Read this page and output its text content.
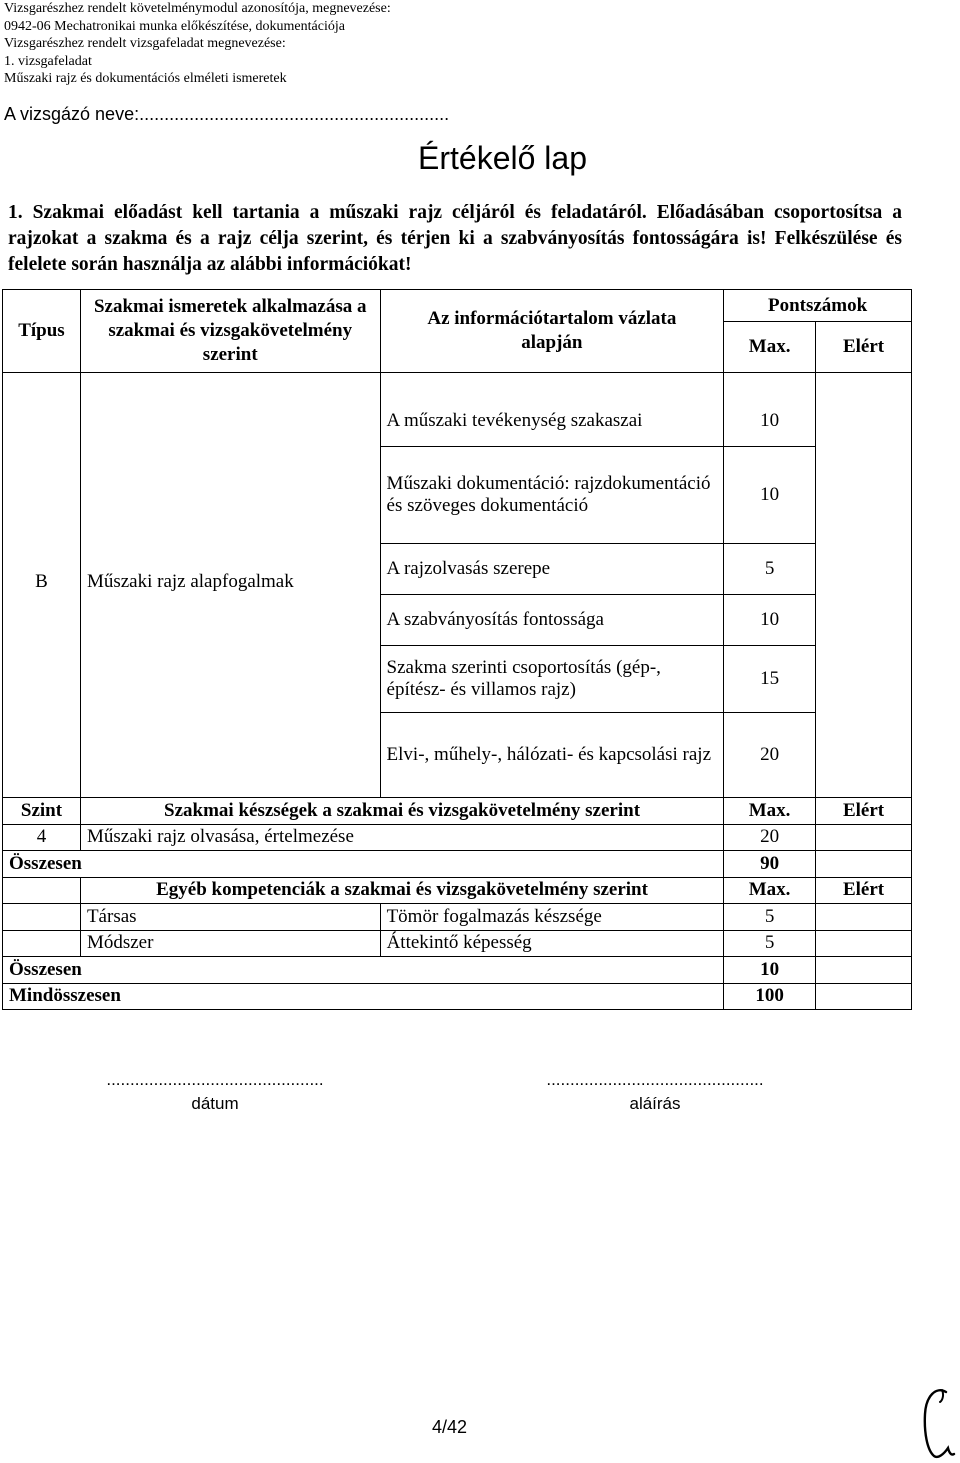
Vizsgarészhez rendelt követelménymodul azonosítója, megnevezése:
0942-06 Mechatronikai munka előkészítése, dokumentációja
Vizsgarészhez rendelt vizsgafeladat megnevezése:
1. vizsgafeladat
Műszaki rajz és dokumentációs elméleti ismeretek
A vizsgázó neve:..............................................................
Értékelő lap
1. Szakmai előadást kell tartania a műszaki rajz céljáról és feladatáról. Előadásában csoportosítsa a rajzokat a szakma és a rajz célja szerint, és térjen ki a szabványosítás fontosságára is! Felkészülése és felelete során használja az alábbi információkat!
Típus	Szakmai ismeretek alkalmazása a szakmai és vizsgakövetelmény szerint	Az információtartalom vázlata alapján	Pontszámok	
			Max.	Elért
B	Műszaki rajz alapfogalmak	A műszaki tevékenység szakaszai	10	
		Műszaki dokumentáció: rajzdokumentáció és szöveges dokumentáció	10	
		A rajzolvasás szerepe	5	
		A szabványosítás fontossága	10	
		Szakma szerinti csoportosítás (gép-, építész- és villamos rajz)	15	
		Elvi-, műhely-, hálózati- és kapcsolási rajz	20	
Szint	Szakmai készségek a szakmai és vizsgakövetelmény szerint		Max.	Elért
4	Műszaki rajz olvasása, értelmezése		20	
Összesen			90	
	Egyéb kompetenciák a szakmai és vizsgakövetelmény szerint		Max.	Elért
	Társas	Tömör fogalmazás készsége	5	
	Módszer	Áttekintő képesség	5	
Összesen			10	
Mindösszesen			100	
..............................................
dátum
..............................................
aláírás
4/42
